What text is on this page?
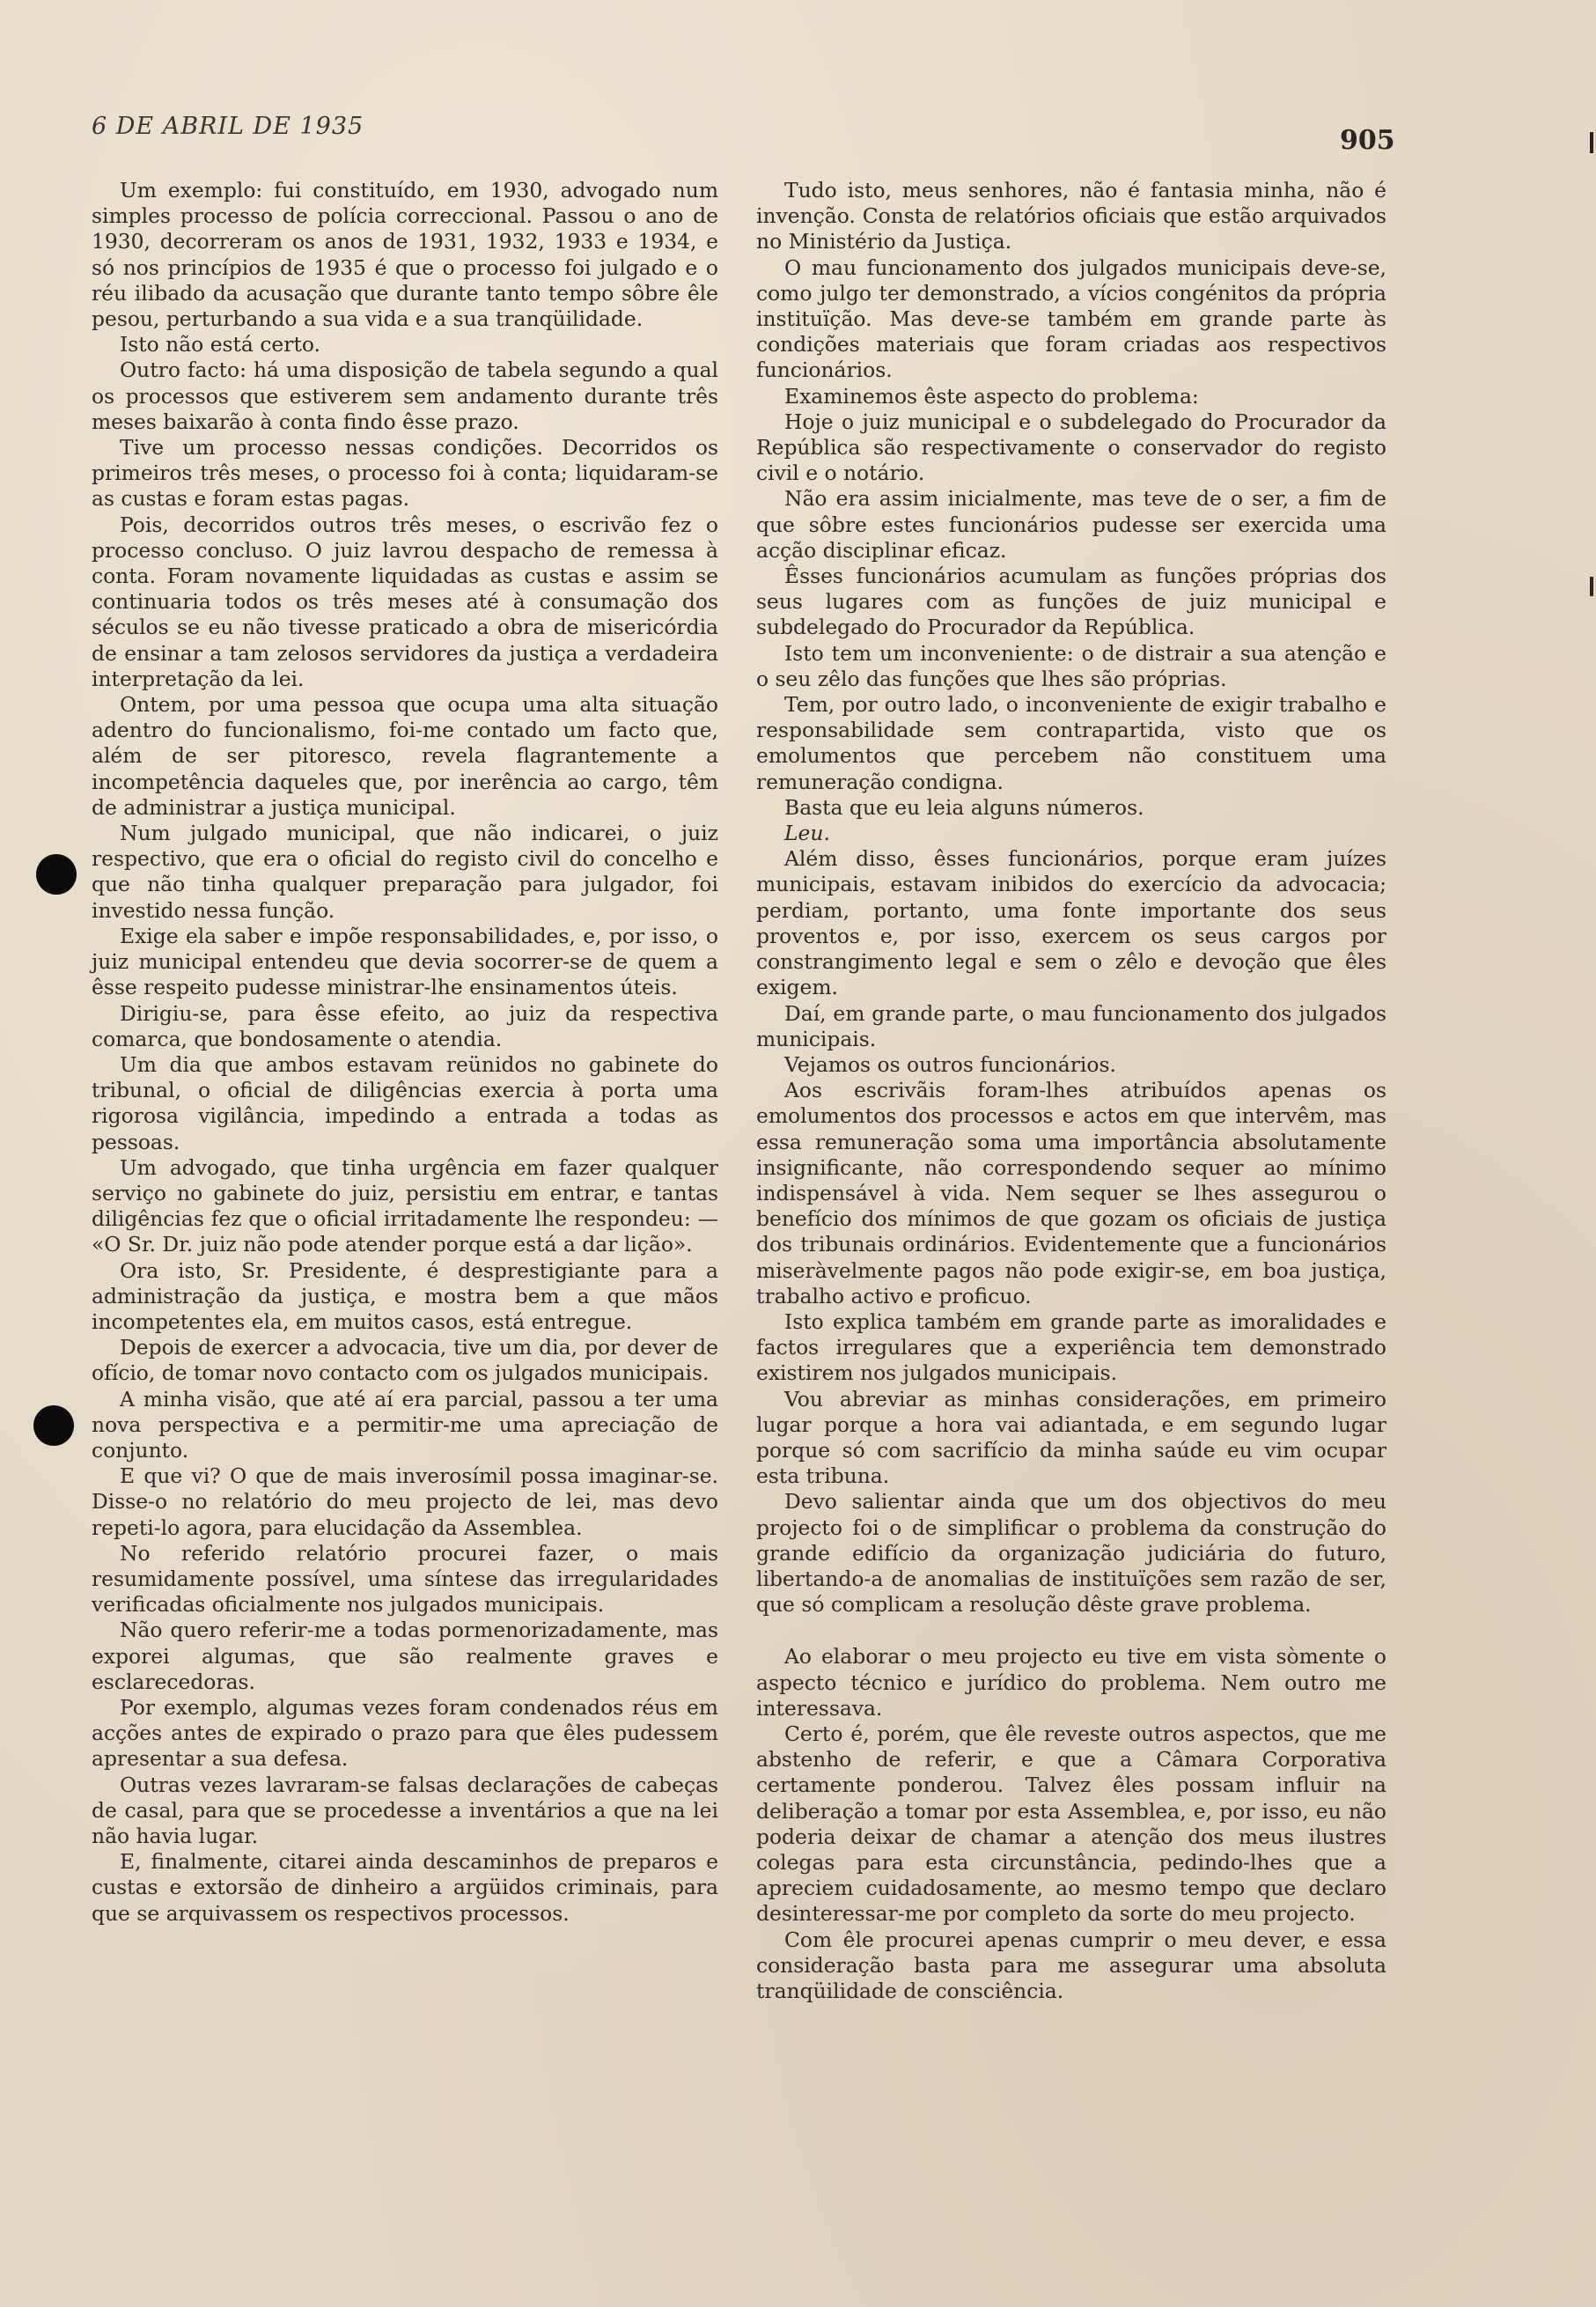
6 DE ABRIL DE 1935	905

Um exemplo: fui constituído, em 1930, advogado num simples processo de polícia correccional. Passou o ano de 1930, decorreram os anos de 1931, 1932, 1933 e 1934, e só nos princípios de 1935 é que o processo foi julgado e o réu ilibado da acusação que durante tanto tempo sôbre êle pesou, perturbando a sua vida e a sua tranqüilidade.

Isto não está certo.

Outro facto: há uma disposição de tabela segundo a qual os processos que estiverem sem andamento durante três meses baixarão à conta findo êsse prazo.

Tive um processo nessas condições. Decorridos os primeiros três meses, o processo foi à conta; liquidaram-se as custas e foram estas pagas.

Pois, decorridos outros três meses, o escrivão fez o processo concluso. O juiz lavrou despacho de remessa à conta. Foram novamente liquidadas as custas e assim se continuaria todos os três meses até à consumação dos séculos se eu não tivesse praticado a obra de misericórdia de ensinar a tam zelosos servidores da justiça a verdadeira interpretação da lei.

Ontem, por uma pessoa que ocupa uma alta situação adentro do funcionalismo, foi-me contado um facto que, além de ser pitoresco, revela flagrantemente a incompetência daqueles que, por inerência ao cargo, têm de administrar a justiça municipal.

Num julgado municipal, que não indicarei, o juiz respectivo, que era o oficial do registo civil do concelho e que não tinha qualquer preparação para julgador, foi investido nessa função.

Exige ela saber e impõe responsabilidades, e, por isso, o juiz municipal entendeu que devia socorrer-se de quem a êsse respeito pudesse ministrar-lhe ensinamentos úteis.

Dirigiu-se, para êsse efeito, ao juiz da respectiva comarca, que bondosamente o atendia.

Um dia que ambos estavam reünidos no gabinete do tribunal, o oficial de diligências exercia à porta uma rigorosa vigilância, impedindo a entrada a todas as pessoas.

Um advogado, que tinha urgência em fazer qualquer serviço no gabinete do juiz, persistiu em entrar, e tantas diligências fez que o oficial irritadamente lhe respondeu: — «O Sr. Dr. juiz não pode atender porque está a dar lição».

Ora isto, Sr. Presidente, é desprestigiante para a administração da justiça, e mostra bem a que mãos incompetentes ela, em muitos casos, está entregue.

Depois de exercer a advocacia, tive um dia, por dever de ofício, de tomar novo contacto com os julgados municipais.

A minha visão, que até aí era parcial, passou a ter uma nova perspectiva e a permitir-me uma apreciação de conjunto.

E que vi? O que de mais inverosímil possa imaginar-se. Disse-o no relatório do meu projecto de lei, mas devo repeti-lo agora, para elucidação da Assemblea.

No referido relatório procurei fazer, o mais resumidamente possível, uma síntese das irregularidades verificadas oficialmente nos julgados municipais.

Não quero referir-me a todas pormenorizadamente, mas exporei algumas, que são realmente graves e esclarecedoras.

Por exemplo, algumas vezes foram condenados réus em acções antes de expirado o prazo para que êles pudessem apresentar a sua defesa.

Outras vezes lavraram-se falsas declarações de cabeças de casal, para que se procedesse a inventários a que na lei não havia lugar.

E, finalmente, citarei ainda descaminhos de preparos e custas e extorsão de dinheiro a argüidos criminais, para que se arquivassem os respectivos processos.

Tudo isto, meus senhores, não é fantasia minha, não é invenção. Consta de relatórios oficiais que estão arquivados no Ministério da Justiça.

O mau funcionamento dos julgados municipais deve-se, como julgo ter demonstrado, a vícios congénitos da própria instituïção. Mas deve-se também em grande parte às condições materiais que foram criadas aos respectivos funcionários.

Examinemos êste aspecto do problema:

Hoje o juiz municipal e o subdelegado do Procurador da República são respectivamente o conservador do registo civil e o notário.

Não era assim inicialmente, mas teve de o ser, a fim de que sôbre estes funcionários pudesse ser exercida uma acção disciplinar eficaz.

Êsses funcionários acumulam as funções próprias dos seus lugares com as funções de juiz municipal e subdelegado do Procurador da República.

Isto tem um inconveniente: o de distrair a sua atenção e o seu zêlo das funções que lhes são próprias.

Tem, por outro lado, o inconveniente de exigir trabalho e responsabilidade sem contrapartida, visto que os emolumentos que percebem não constituem uma remuneração condigna.

Basta que eu leia alguns números.

Leu.

Além disso, êsses funcionários, porque eram juízes municipais, estavam inibidos do exercício da advocacia; perdiam, portanto, uma fonte importante dos seus proventos e, por isso, exercem os seus cargos por constrangimento legal e sem o zêlo e devoção que êles exigem.

Daí, em grande parte, o mau funcionamento dos julgados municipais.

Vejamos os outros funcionários.

Aos escrivãis foram-lhes atribuídos apenas os emolumentos dos processos e actos em que intervêm, mas essa remuneração soma uma importância absolutamente insignificante, não correspondendo sequer ao mínimo indispensável à vida. Nem sequer se lhes assegurou o benefício dos mínimos de que gozam os oficiais de justiça dos tribunais ordinários. Evidentemente que a funcionários miseràvelmente pagos não pode exigir-se, em boa justiça, trabalho activo e proficuo.

Isto explica também em grande parte as imoralidades e factos irregulares que a experiência tem demonstrado existirem nos julgados municipais.

Vou abreviar as minhas considerações, em primeiro lugar porque a hora vai adiantada, e em segundo lugar porque só com sacrifício da minha saúde eu vim ocupar esta tribuna.

Devo salientar ainda que um dos objectivos do meu projecto foi o de simplificar o problema da construção do grande edifício da organização judiciária do futuro, libertando-a de anomalias de instituïções sem razão de ser, que só complicam a resolução dêste grave problema.

Ao elaborar o meu projecto eu tive em vista sòmente o aspecto técnico e jurídico do problema. Nem outro me interessava.

Certo é, porém, que êle reveste outros aspectos, que me abstenho de referir, e que a Câmara Corporativa certamente ponderou. Talvez êles possam influir na deliberação a tomar por esta Assemblea, e, por isso, eu não poderia deixar de chamar a atenção dos meus ilustres colegas para esta circunstância, pedindo-lhes que a apreciem cuidadosamente, ao mesmo tempo que declaro desinteressar-me por completo da sorte do meu projecto.

Com êle procurei apenas cumprir o meu dever, e essa consideração basta para me assegurar uma absoluta tranqüilidade de consciência.
